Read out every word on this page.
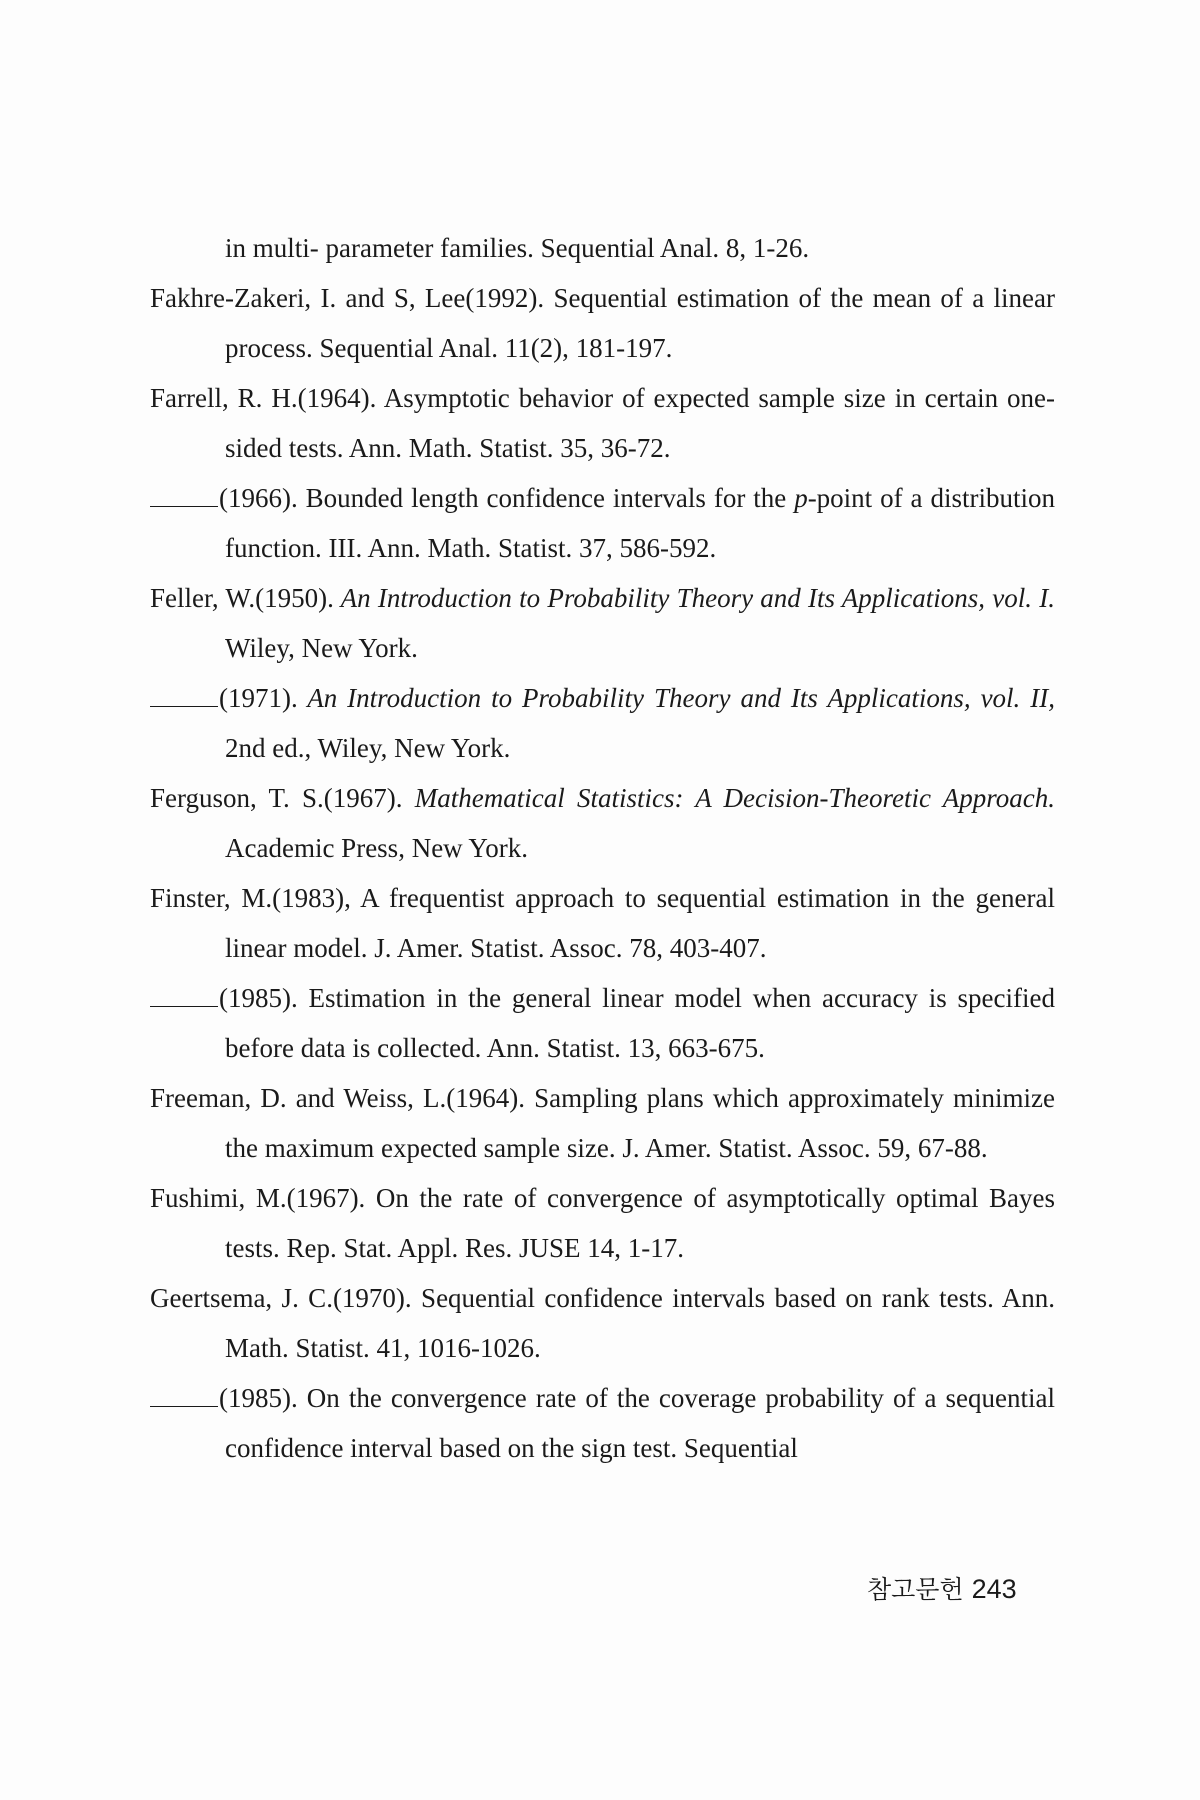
in multi- parameter families. Sequential Anal. 8, 1-26.
Fakhre-Zakeri, I. and S, Lee(1992). Sequential estimation of the mean of a linear process. Sequential Anal. 11(2), 181-197.
Farrell, R. H.(1964). Asymptotic behavior of expected sample size in certain one-sided tests. Ann. Math. Statist. 35, 36-72.
(1966). Bounded length confidence intervals for the p-point of a distribution function. III. Ann. Math. Statist. 37, 586-592.
Feller, W.(1950). An Introduction to Probability Theory and Its Applications, vol. I. Wiley, New York.
(1971). An Introduction to Probability Theory and Its Applications, vol. II, 2nd ed., Wiley, New York.
Ferguson, T. S.(1967). Mathematical Statistics: A Decision-Theoretic Approach. Academic Press, New York.
Finster, M.(1983), A frequentist approach to sequential estimation in the general linear model. J. Amer. Statist. Assoc. 78, 403-407.
(1985). Estimation in the general linear model when accuracy is specified before data is collected. Ann. Statist. 13, 663-675.
Freeman, D. and Weiss, L.(1964). Sampling plans which approximately minimize the maximum expected sample size. J. Amer. Statist. Assoc. 59, 67-88.
Fushimi, M.(1967). On the rate of convergence of asymptotically optimal Bayes tests. Rep. Stat. Appl. Res. JUSE 14, 1-17.
Geertsema, J. C.(1970). Sequential confidence intervals based on rank tests. Ann. Math. Statist. 41, 1016-1026.
(1985). On the convergence rate of the coverage probability of a sequential confidence interval based on the sign test. Sequential
참고문헌 243
